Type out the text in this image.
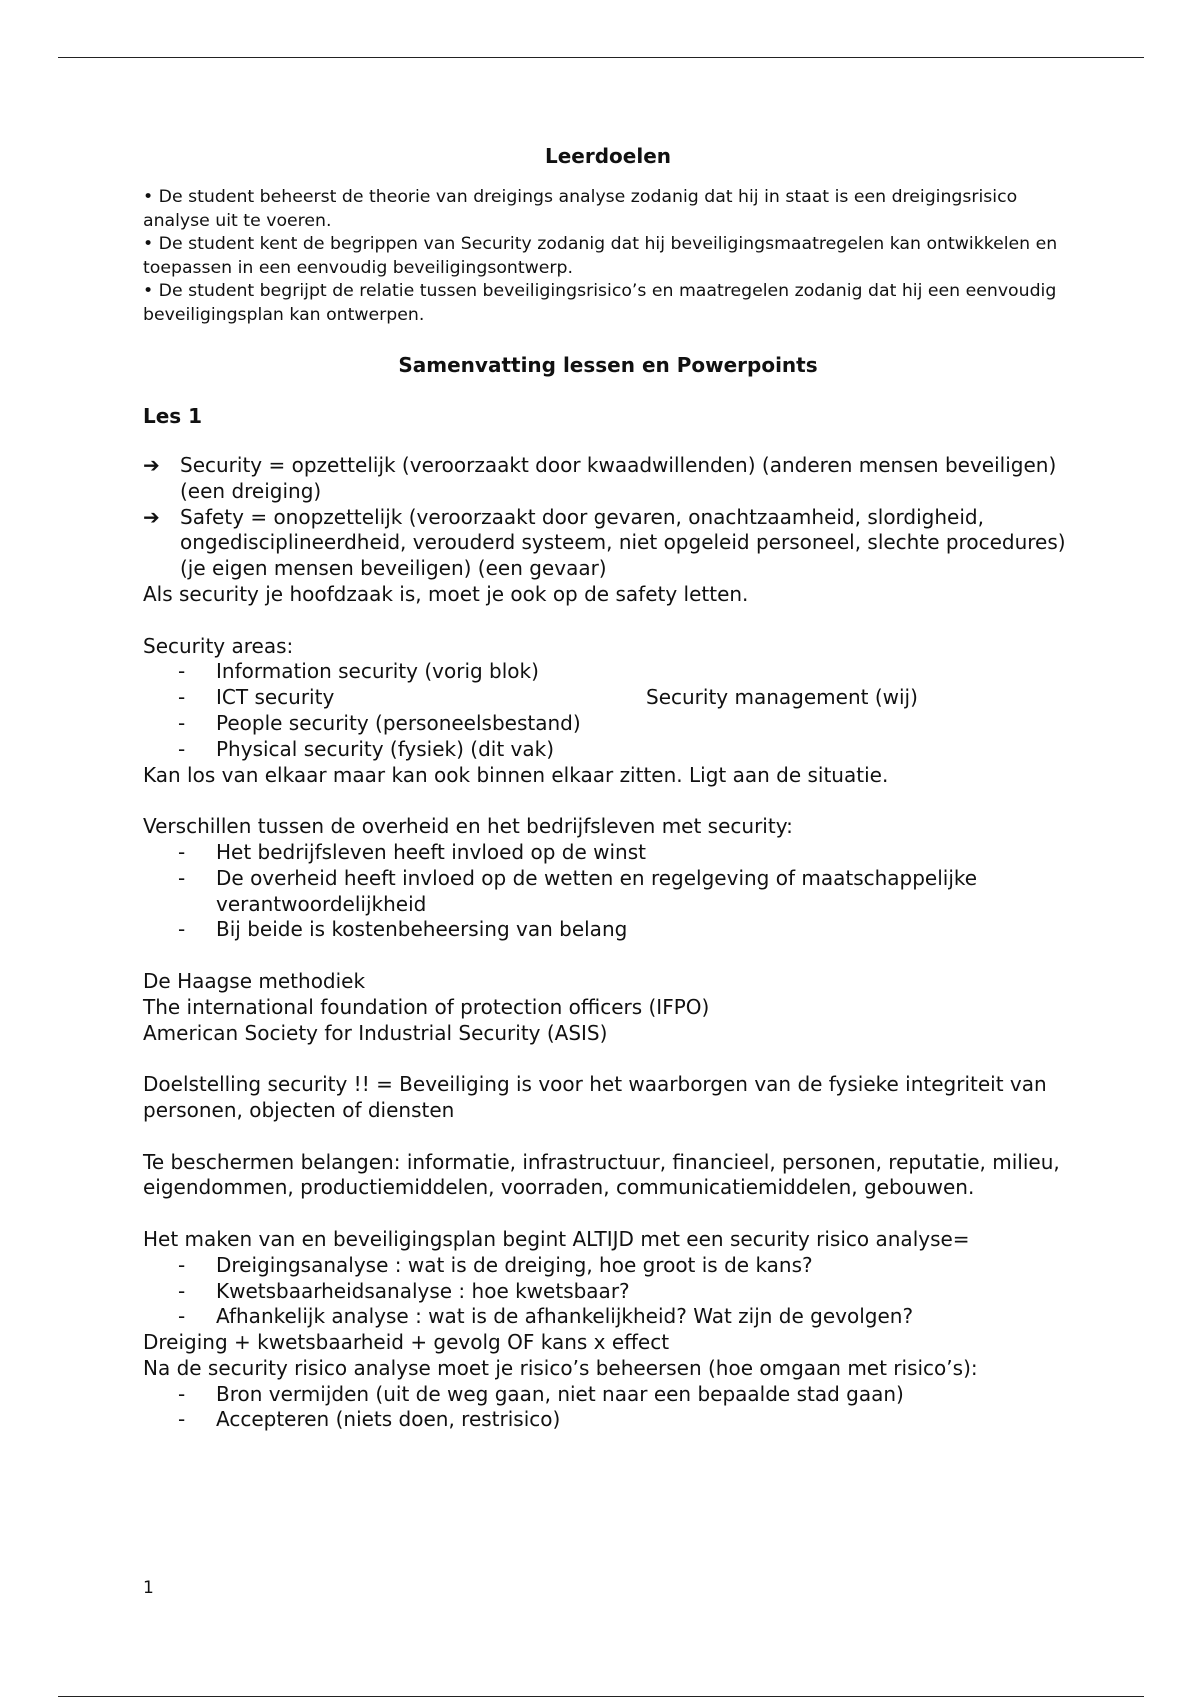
Leerdoelen
• De student beheerst de theorie van dreigings analyse zodanig dat hij in staat is een dreigingsrisico analyse uit te voeren.
• De student kent de begrippen van Security zodanig dat hij beveiligingsmaatregelen kan ontwikkelen en toepassen in een eenvoudig beveiligingsontwerp.
• De student begrijpt de relatie tussen beveiligingsrisico’s en maatregelen zodanig dat hij een eenvoudig beveiligingsplan kan ontwerpen.
Samenvatting lessen en Powerpoints
Les 1
➔	Security = opzettelijk (veroorzaakt door kwaadwillenden) (anderen mensen beveiligen) (een dreiging)
➔	Safety = onopzettelijk (veroorzaakt door gevaren, onachtzaamheid, slordigheid, ongedisciplineerdheid, verouderd systeem, niet opgeleid personeel, slechte procedures) (je eigen mensen beveiligen) (een gevaar)

Als security je hoofdzaak is, moet je ook op de safety letten.

Security areas:

-	Information security (vorig blok)
-	ICT security	Security management (wij)
-	People security (personeelsbestand)
-	Physical security (fysiek) (dit vak)

Kan los van elkaar maar kan ook binnen elkaar zitten. Ligt aan de situatie.

Verschillen tussen de overheid en het bedrijfsleven met security:

-	Het bedrijfsleven heeft invloed op de winst
-	De overheid heeft invloed op de wetten en regelgeving of maatschappelijke verantwoordelijkheid
-	Bij beide is kostenbeheersing van belang

De Haagse methodiek

The international foundation of protection officers (IFPO)

American Society for Industrial Security (ASIS)

Doelstelling security !! = Beveiliging is voor het waarborgen van de fysieke integriteit van personen, objecten of diensten

Te beschermen belangen: informatie, infrastructuur, financieel, personen, reputatie, milieu, eigendommen, productiemiddelen, voorraden, communicatiemiddelen, gebouwen.

Het maken van en beveiligingsplan begint ALTIJD met een security risico analyse=

-	Dreigingsanalyse : wat is de dreiging, hoe groot is de kans?
-	Kwetsbaarheidsanalyse : hoe kwetsbaar?
-	Afhankelijk analyse : wat is de afhankelijkheid? Wat zijn de gevolgen?

Dreiging + kwetsbaarheid + gevolg OF kans x effect

Na de security risico analyse moet je risico’s beheersen (hoe omgaan met risico’s):

-	Bron vermijden (uit de weg gaan, niet naar een bepaalde stad gaan)
-	Accepteren (niets doen, restrisico)
1
